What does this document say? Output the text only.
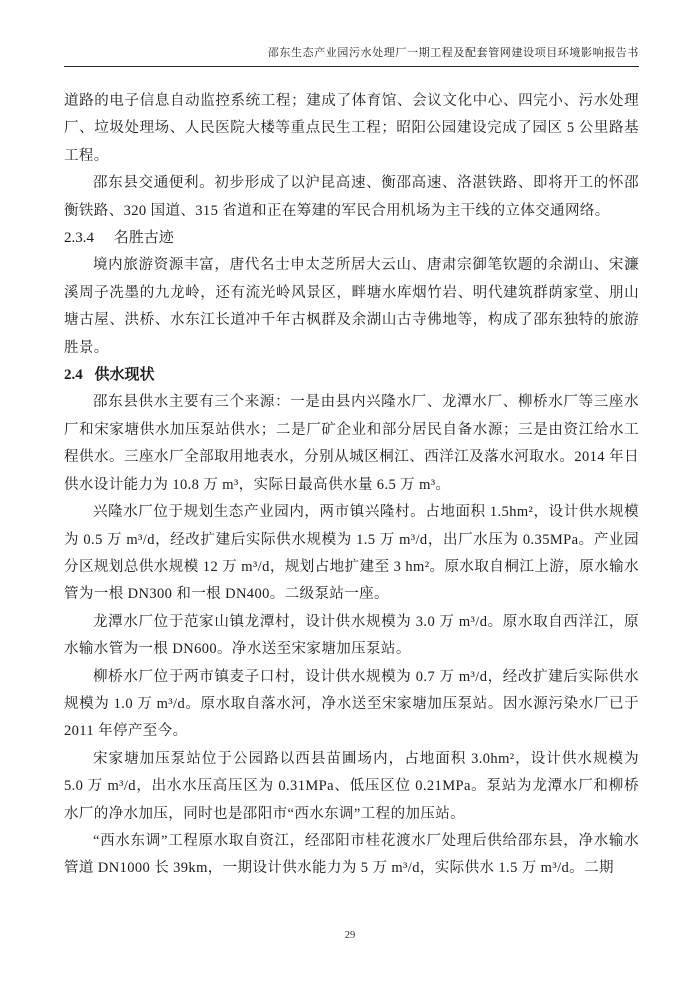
邵东生态产业园污水处理厂一期工程及配套管网建设项目环境影响报告书

道路的电子信息自动监控系统工程；建成了体育馆、会议文化中心、四完小、污水处理厂、垃圾处理场、人民医院大楼等重点民生工程；昭阳公园建设完成了园区 5 公里路基工程。

邵东县交通便利。初步形成了以沪昆高速、衡邵高速、洛湛铁路、即将开工的怀邵衡铁路、320 国道、315 省道和正在筹建的军民合用机场为主干线的立体交通网络。

2.3.4 名胜古迹

境内旅游资源丰富，唐代名士申太芝所居大云山、唐肃宗御笔钦题的余湖山、宋濂溪周子冼墨的九龙岭，还有流光岭风景区，畔塘水库烟竹岩、明代建筑群荫家堂、朋山塘古屋、洪桥、水东江长道冲千年古枫群及余湖山古寺佛地等，构成了邵东独特的旅游胜景。

2.4 供水现状

邵东县供水主要有三个来源：一是由县内兴隆水厂、龙潭水厂、柳桥水厂等三座水厂和宋家塘供水加压泵站供水；二是厂矿企业和部分居民自备水源；三是由资江给水工程供水。三座水厂全部取用地表水，分别从城区桐江、西洋江及落水河取水。2014 年日供水设计能力为 10.8 万 m³，实际日最高供水量 6.5 万 m³。

兴隆水厂位于规划生态产业园内，两市镇兴隆村。占地面积 1.5hm²，设计供水规模为 0.5 万 m³/d，经改扩建后实际供水规模为 1.5 万 m³/d，出厂水压为 0.35MPa。产业园分区规划总供水规模 12 万 m³/d，规划占地扩建至 3 hm²。原水取自桐江上游，原水输水管为一根 DN300 和一根 DN400。二级泵站一座。

龙潭水厂位于范家山镇龙潭村，设计供水规模为 3.0 万 m³/d。原水取自西洋江，原水输水管为一根 DN600。净水送至宋家塘加压泵站。

柳桥水厂位于两市镇麦子口村，设计供水规模为 0.7 万 m³/d，经改扩建后实际供水规模为 1.0 万 m³/d。原水取自落水河，净水送至宋家塘加压泵站。因水源污染水厂已于 2011 年停产至今。

宋家塘加压泵站位于公园路以西县苗圃场内，占地面积 3.0hm²，设计供水规模为 5.0 万 m³/d，出水水压高压区为 0.31MPa、低压区位 0.21MPa。泵站为龙潭水厂和柳桥水厂的净水加压，同时也是邵阳市“西水东调”工程的加压站。

“西水东调”工程原水取自资江，经邵阳市桂花渡水厂处理后供给邵东县，净水输水管道 DN1000 长 39km，一期设计供水能力为 5 万 m³/d，实际供水 1.5 万 m³/d。二期

29
